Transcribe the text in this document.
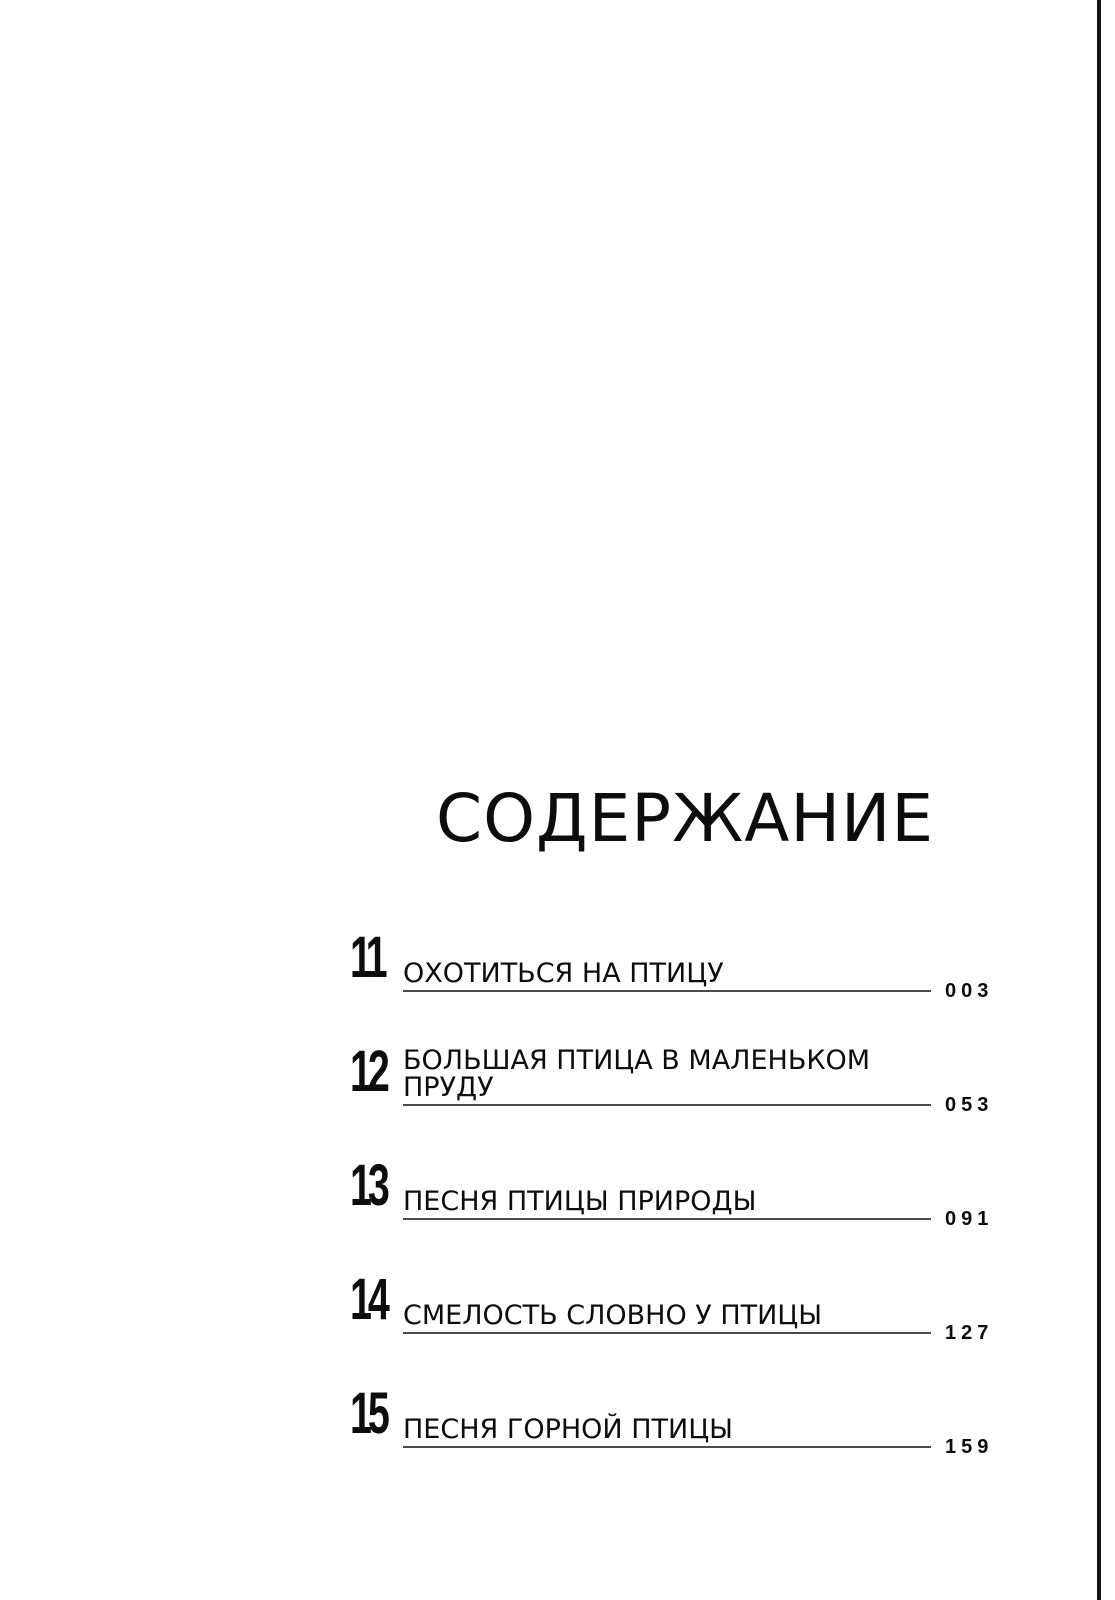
СОДЕРЖАНИЕ
11 ОХОТИТЬСЯ НА ПТИЦУ
003
12 БОЛЬШАЯ ПТИЦА В МАЛЕНЬКОМ ПРУДУ
053
13 ПЕСНЯ ПТИЦЫ ПРИРОДЫ
091
14 СМЕЛОСТЬ СЛОВНО У ПТИЦЫ
127
15 ПЕСНЯ ГОРНОЙ ПТИЦЫ
159
